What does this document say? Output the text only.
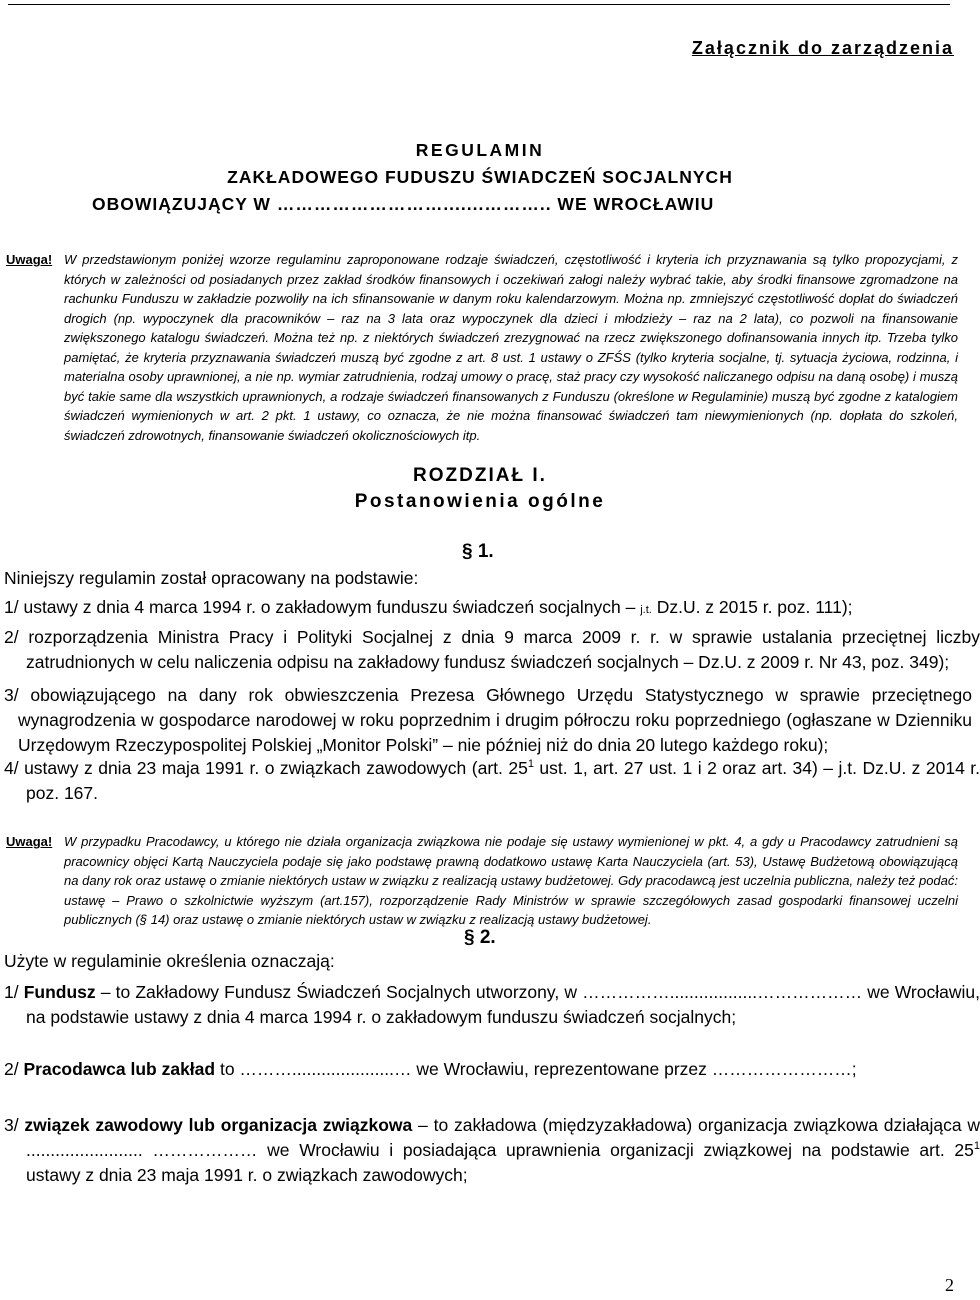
Załącznik do zarządzenia
REGULAMIN
ZAKŁADOWEGO FUDUSZU ŚWIADCZEŃ SOCJALNYCH
OBOWIĄZUJĄCY W ……………………….......……….. WE WROCŁAWIU
Uwaga! W przedstawionym poniżej wzorze regulaminu zaproponowane rodzaje świadczeń, częstotliwość i kryteria ich przyznawania są tylko propozycjami, z których w zależności od posiadanych przez zakład środków finansowych i oczekiwań załogi należy wybrać takie, aby środki finansowe zgromadzone na rachunku Funduszu w zakładzie pozwoliły na ich sfinansowanie w danym roku kalendarzowym. Można np. zmniejszyć częstotliwość dopłat do świadczeń drogich (np. wypoczynek dla pracowników – raz na 3 lata oraz wypoczynek dla dzieci i młodzieży – raz na 2 lata), co pozwoli na finansowanie zwiększonego katalogu świadczeń. Można też np. z niektórych świadczeń zrezygnować na rzecz zwiększonego dofinansowania innych itp. Trzeba tylko pamiętać, że kryteria przyznawania świadczeń muszą być zgodne z art. 8 ust. 1 ustawy o ZFŚS (tylko kryteria socjalne, tj. sytuacja życiowa, rodzinna, i materialna osoby uprawnionej, a nie np. wymiar zatrudnienia, rodzaj umowy o pracę, staż pracy czy wysokość naliczanego odpisu na daną osobę) i muszą być takie same dla wszystkich uprawnionych, a rodzaje świadczeń finansowanych z Funduszu (określone w Regulaminie) muszą być zgodne z katalogiem świadczeń wymienionych w art. 2 pkt. 1 ustawy, co oznacza, że nie można finansować świadczeń tam niewymienionych (np. dopłata do szkoleń, świadczeń zdrowotnych, finansowanie świadczeń okolicznościowych itp.
ROZDZIAŁ I.
Postanowienia ogólne
§ 1.
Niniejszy regulamin został opracowany na podstawie:
1/ ustawy z dnia 4 marca 1994 r. o zakładowym funduszu świadczeń socjalnych – j.t. Dz.U. z 2015 r. poz. 111);
2/ rozporządzenia Ministra Pracy i Polityki Socjalnej z dnia 9 marca 2009 r. r. w sprawie ustalania przeciętnej liczby zatrudnionych w celu naliczenia odpisu na zakładowy fundusz świadczeń socjalnych – Dz.U. z 2009 r. Nr 43, poz. 349);
3/ obowiązującego na dany rok obwieszczenia Prezesa Głównego Urzędu Statystycznego w sprawie przeciętnego wynagrodzenia w gospodarce narodowej w roku poprzednim i drugim półroczu roku poprzedniego (ogłaszane w Dzienniku Urzędowym Rzeczypospolitej Polskiej „Monitor Polski” – nie później niż do dnia 20 lutego każdego roku);
4/ ustawy z dnia 23 maja 1991 r. o związkach zawodowych (art. $25^1$ ust. 1, art. 27 ust. 1 i 2 oraz art. 34) – j.t. Dz.U. z 2014 r. poz. 167.
Uwaga! W przypadku Pracodawcy, u którego nie działa organizacja związkowa nie podaje się ustawy wymienionej w pkt. 4, a gdy u Pracodawcy zatrudnieni są pracownicy objęci Kartą Nauczyciela podaje się jako podstawę prawną dodatkowo ustawę Karta Nauczyciela (art. 53), Ustawę Budżetową obowiązującą na dany rok oraz ustawę o zmianie niektórych ustaw w związku z realizacją ustawy budżetowej. Gdy pracodawcą jest uczelnia publiczna, należy też podać: ustawę – Prawo o szkolnictwie wyższym (art.157), rozporządzenie Rady Ministrów w sprawie szczegółowych zasad gospodarki finansowej uczelni publicznych (§ 14) oraz ustawę o zmianie niektórych ustaw w związku z realizacją ustawy budżetowej.
§ 2.
Użyte w regulaminie określenia oznaczają:
1/ Fundusz – to Zakładowy Fundusz Świadczeń Socjalnych utworzony, w ……………..................……………… we Wrocławiu, na podstawie ustawy z dnia 4 marca 1994 r. o zakładowym funduszu świadczeń socjalnych;
2/ Pracodawca lub zakład to ……….....................… we Wrocławiu, reprezentowane przez ……………………;
3/ związek zawodowy lub organizacja związkowa – to zakładowa (międzyzakładowa) organizacja związkowa działająca w ........................ ……………… we Wrocławiu i posiadająca uprawnienia organizacji związkowej na podstawie art. $25^1$ ustawy z dnia 23 maja 1991 r. o związkach zawodowych;
2
